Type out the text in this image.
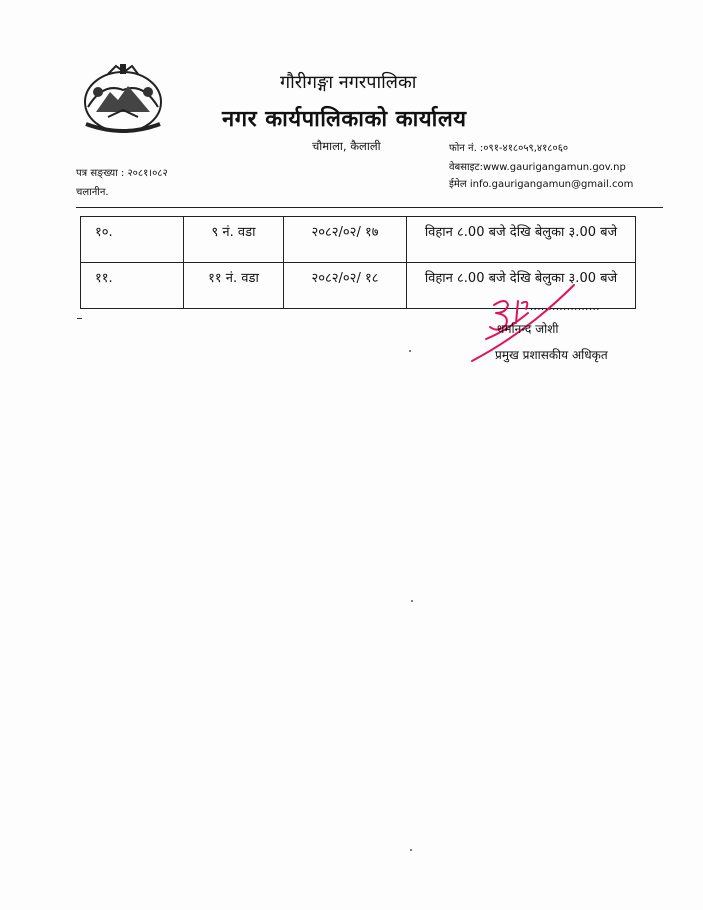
गौरीगङ्गा नगरपालिका
नगर कार्यपालिकाको कार्यालय
चौमाला, कैलाली	फोन नं. :०९१-४१८०५९,४१८०६०
वेबसाइट:www.gaurigangamun.gov.np
ईमेल info.gaurigangamun@gmail.com
पत्र सङ्ख्या : २०८१।०८२
चलानीन.
१०.	९ नं. वडा	२०८२/०२/ १७	विहान ८.00 बजे देखि बेलुका ३.00 बजे
११.	११ नं. वडा	२०८२/०२/ १८	विहान ८.00 बजे देखि बेलुका ३.00 बजे
...................
धर्मानन्द जोशी
प्रमुख प्रशासकीय अधिकृत
